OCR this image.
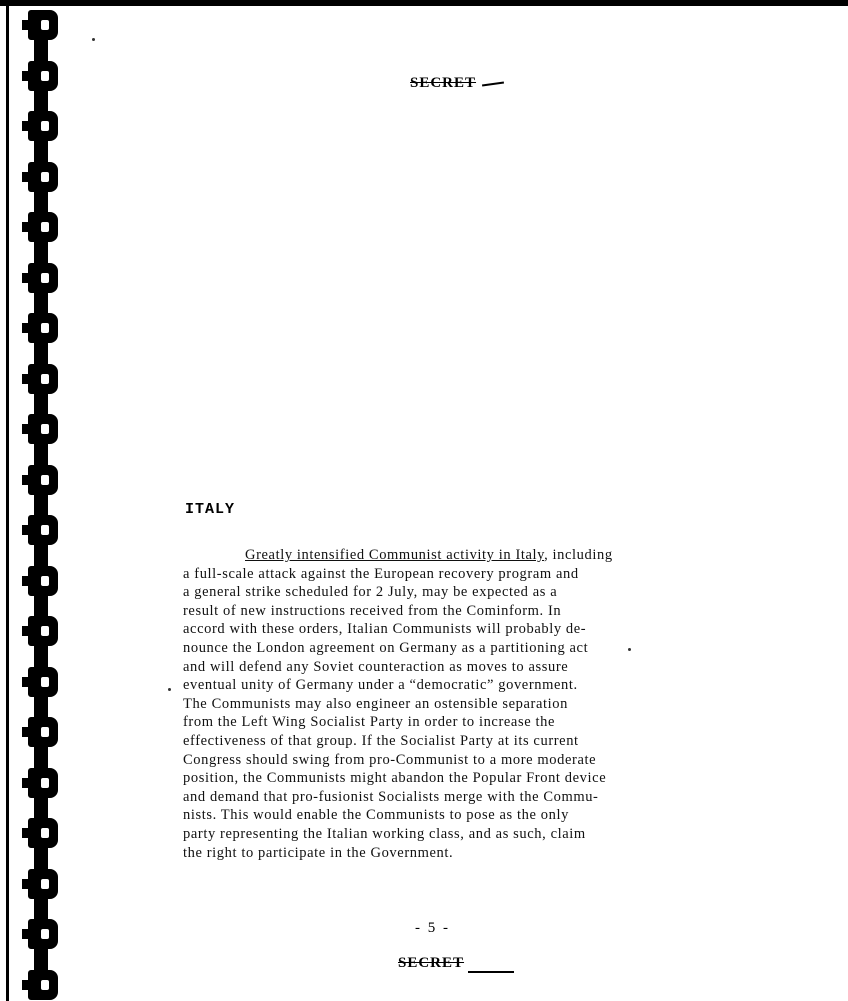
SECRET
ITALY
Greatly intensified Communist activity in Italy, including
a full-scale attack against the European recovery program and
a general strike scheduled for 2 July, may be expected as a
result of new instructions received from the Cominform. In
accord with these orders, Italian Communists will probably de-
nounce the London agreement on Germany as a partitioning act
and will defend any Soviet counteraction as moves to assure
eventual unity of Germany under a “democratic” government.
The Communists may also engineer an ostensible separation
from the Left Wing Socialist Party in order to increase the
effectiveness of that group. If the Socialist Party at its current
Congress should swing from pro-Communist to a more moderate
position, the Communists might abandon the Popular Front device
and demand that pro-fusionist Socialists merge with the Commu-
nists. This would enable the Communists to pose as the only
party representing the Italian working class, and as such, claim
the right to participate in the Government.
- 5 -
SECRET
